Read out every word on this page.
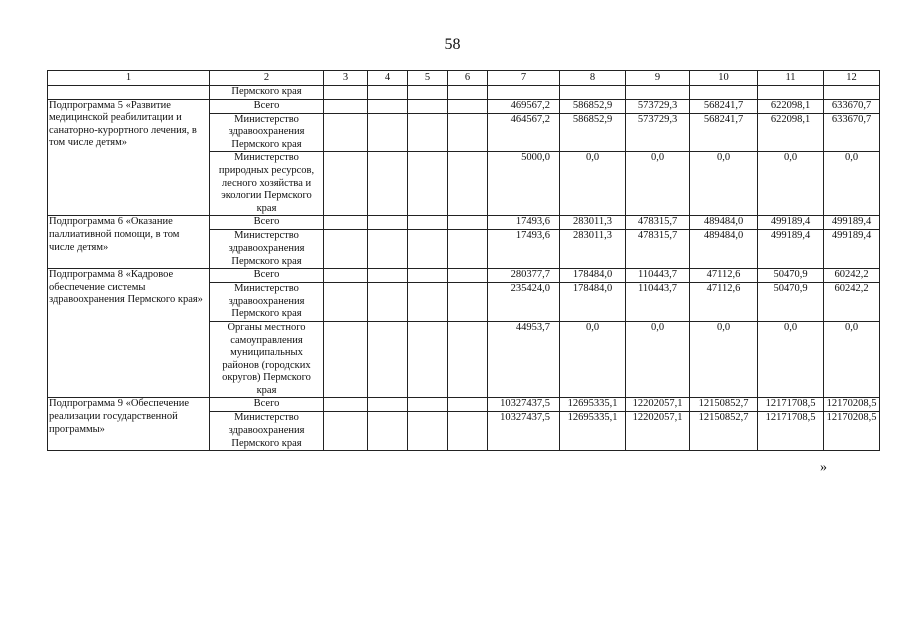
58
1	2	3	4	5	6	7	8	9	10	11	12
	Пермского края										
Подпрограмма 5 «Развитие медицинской реабилитации и санаторно-курортного лечения, в том числе детям»	Всего					469567,2	586852,9	573729,3	568241,7	622098,1	633670,7
	Министерство здравоохранения Пермского края					464567,2	586852,9	573729,3	568241,7	622098,1	633670,7
	Министерство природных ресурсов, лесного хозяйства и экологии Пермского края					5000,0	0,0	0,0	0,0	0,0	0,0
Подпрограмма 6 «Оказание паллиативной помощи, в том числе детям»	Всего					17493,6	283011,3	478315,7	489484,0	499189,4	499189,4
	Министерство здравоохранения Пермского края					17493,6	283011,3	478315,7	489484,0	499189,4	499189,4
Подпрограмма 8 «Кадровое обеспечение системы здравоохранения Пермского края»	Всего					280377,7	178484,0	110443,7	47112,6	50470,9	60242,2
	Министерство здравоохранения Пермского края					235424,0	178484,0	110443,7	47112,6	50470,9	60242,2
	Органы местного самоуправления муниципальных районов (городских округов) Пермского края					44953,7	0,0	0,0	0,0	0,0	0,0
Подпрограмма 9 «Обеспечение реализации государственной программы»	Всего					10327437,5	12695335,1	12202057,1	12150852,7	12171708,5	12170208,5
	Министерство здравоохранения Пермского края					10327437,5	12695335,1	12202057,1	12150852,7	12171708,5	12170208,5
»
